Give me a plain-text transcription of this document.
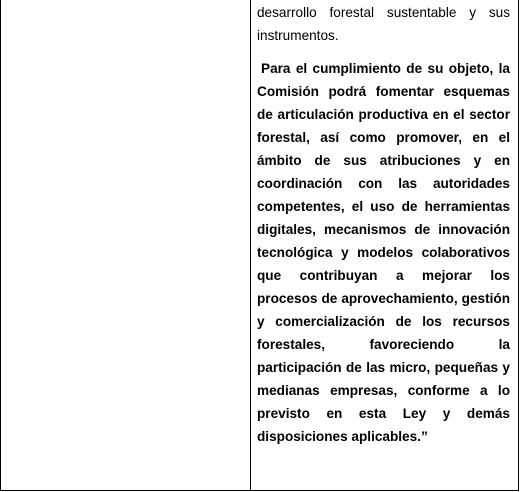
desarrollo forestal sustentable y sus instrumentos.

Para el cumplimiento de su objeto, la Comisión podrá fomentar esquemas de articulación productiva en el sector forestal, así como promover, en el ámbito de sus atribuciones y en coordinación con las autoridades competentes, el uso de herramientas digitales, mecanismos de innovación tecnológica y modelos colaborativos que contribuyan a mejorar los procesos de aprovechamiento, gestión y comercialización de los recursos forestales, favoreciendo la participación de las micro, pequeñas y medianas empresas, conforme a lo previsto en esta Ley y demás disposiciones aplicables.”
